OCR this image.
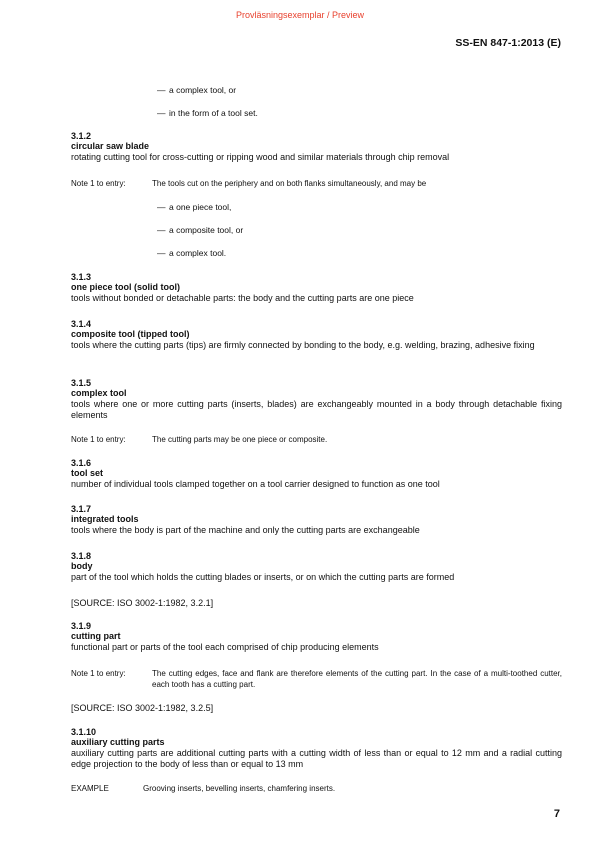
Provläsningsexemplar / Preview
SS-EN 847-1:2013 (E)
— a complex tool, or
— in the form of a tool set.
3.1.2
circular saw blade
rotating cutting tool for cross-cutting or ripping wood and similar materials through chip removal
Note 1 to entry:	The tools cut on the periphery and on both flanks simultaneously, and may be
— a one piece tool,
— a composite tool, or
— a complex tool.
3.1.3
one piece tool (solid tool)
tools without bonded or detachable parts: the body and the cutting parts are one piece
3.1.4
composite tool (tipped tool)
tools where the cutting parts (tips) are firmly connected by bonding to the body, e.g. welding, brazing, adhesive fixing
3.1.5
complex tool
tools where one or more cutting parts (inserts, blades) are exchangeably mounted in a body through detachable fixing elements
Note 1 to entry:	The cutting parts may be one piece or composite.
3.1.6
tool set
number of individual tools clamped together on a tool carrier designed to function as one tool
3.1.7
integrated tools
tools where the body is part of the machine and only the cutting parts are exchangeable
3.1.8
body
part of the tool which holds the cutting blades or inserts, or on which the cutting parts are formed
[SOURCE: ISO 3002-1:1982, 3.2.1]
3.1.9
cutting part
functional part or parts of the tool each comprised of chip producing elements
Note 1 to entry:	The cutting edges, face and flank are therefore elements of the cutting part. In the case of a multi-toothed cutter, each tooth has a cutting part.
[SOURCE: ISO 3002-1:1982, 3.2.5]
3.1.10
auxiliary cutting parts
auxiliary cutting parts are additional cutting parts with a cutting width of less than or equal to 12 mm and a radial cutting edge projection to the body of less than or equal to 13 mm
EXAMPLE	Grooving inserts, bevelling inserts, chamfering inserts.
7
